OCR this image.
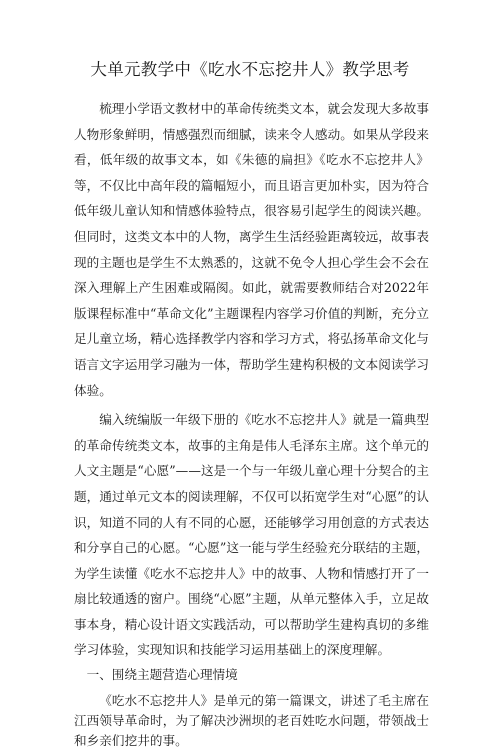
大单元教学中《吃水不忘挖井人》教学思考

梳理小学语文教材中的革命传统类文本，就会发现大多故事人物形象鲜明，情感强烈而细腻，读来令人感动。如果从学段来看，低年级的故事文本，如《朱德的扁担》《吃水不忘挖井人》等，不仅比中高年段的篇幅短小，而且语言更加朴实，因为符合低年级儿童认知和情感体验特点，很容易引起学生的阅读兴趣。但同时，这类文本中的人物，离学生生活经验距离较远，故事表现的主题也是学生不太熟悉的，这就不免令人担心学生会不会在深入理解上产生困难或隔阂。如此，就需要教师结合对2022年版课程标准中“革命文化”主题课程内容学习价值的判断，充分立足儿童立场，精心选择教学内容和学习方式，将弘扬革命文化与语言文字运用学习融为一体，帮助学生建构积极的文本阅读学习体验。

编入统编版一年级下册的《吃水不忘挖井人》就是一篇典型的革命传统类文本，故事的主角是伟人毛泽东主席。这个单元的人文主题是“心愿”——这是一个与一年级儿童心理十分契合的主题，通过单元文本的阅读理解，不仅可以拓宽学生对“心愿”的认识，知道不同的人有不同的心愿，还能够学习用创意的方式表达和分享自己的心愿。“心愿”这一能与学生经验充分联结的主题，为学生读懂《吃水不忘挖井人》中的故事、人物和情感打开了一扇比较通透的窗户。围绕“心愿”主题，从单元整体入手，立足故事本身，精心设计语文实践活动，可以帮助学生建构真切的多维学习体验，实现知识和技能学习运用基础上的深度理解。

一、围绕主题营造心理情境

《吃水不忘挖井人》是单元的第一篇课文，讲述了毛主席在江西领导革命时，为了解决沙洲坝的老百姓吃水问题，带领战士和乡亲们挖井的事。
